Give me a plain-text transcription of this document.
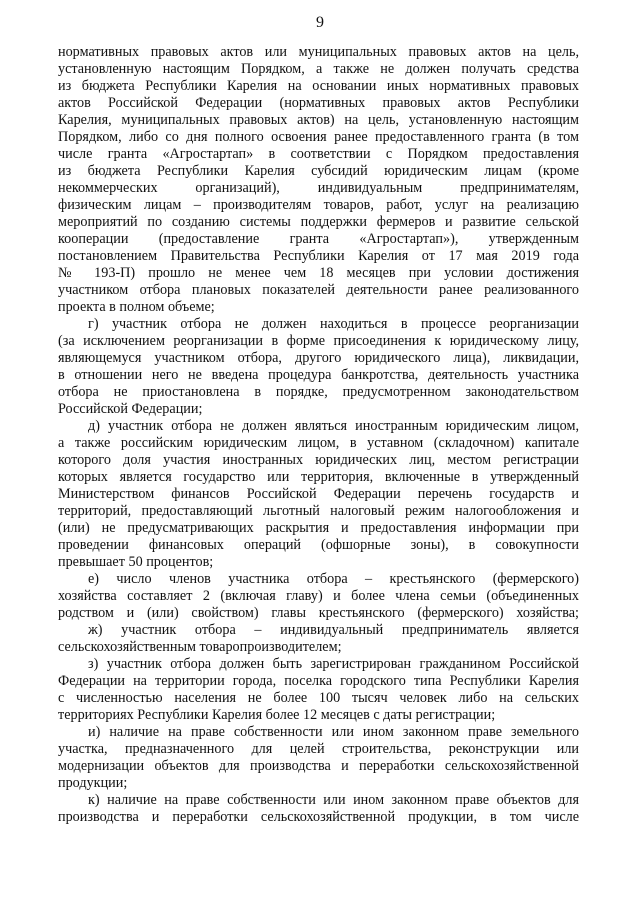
9
нормативных правовых актов или муниципальных правовых актов на цель,
установленную настоящим Порядком, а также не должен получать средства
из бюджета Республики Карелия на основании иных нормативных правовых
актов Российской Федерации (нормативных правовых актов Республики
Карелия, муниципальных правовых актов) на цель, установленную настоящим
Порядком, либо со дня полного освоения ранее предоставленного гранта (в том
числе гранта «Агростартап» в соответствии с Порядком предоставления
из бюджета Республики Карелия субсидий юридическим лицам (кроме
некоммерческих организаций), индивидуальным предпринимателям,
физическим лицам – производителям товаров, работ, услуг на реализацию
мероприятий по созданию системы поддержки фермеров и развитие сельской
кооперации (предоставление гранта «Агростартап»), утвержденным
постановлением Правительства Республики Карелия от 17 мая 2019 года
№ 193-П) прошло не менее чем 18 месяцев при условии достижения
участником отбора плановых показателей деятельности ранее реализованного
проекта в полном объеме;
г) участник отбора не должен находиться в процессе реорганизации
(за исключением реорганизации в форме присоединения к юридическому лицу,
являющемуся участником отбора, другого юридического лица), ликвидации,
в отношении него не введена процедура банкротства, деятельность участника
отбора не приостановлена в порядке, предусмотренном законодательством
Российской Федерации;
д) участник отбора не должен являться иностранным юридическим лицом,
а также российским юридическим лицом, в уставном (складочном) капитале
которого доля участия иностранных юридических лиц, местом регистрации
которых является государство или территория, включенные в утвержденный
Министерством финансов Российской Федерации перечень государств и
территорий, предоставляющий льготный налоговый режим налогообложения и
(или) не предусматривающих раскрытия и предоставления информации при
проведении финансовых операций (офшорные зоны), в совокупности
превышает 50 процентов;
е) число членов участника отбора – крестьянского (фермерского)
хозяйства составляет 2 (включая главу) и более члена семьи (объединенных
родством и (или) свойством) главы крестьянского (фермерского) хозяйства;
ж) участник отбора – индивидуальный предприниматель является
сельскохозяйственным товаропроизводителем;
з) участник отбора должен быть зарегистрирован гражданином Российской
Федерации на территории города, поселка городского типа Республики Карелия
с численностью населения не более 100 тысяч человек либо на сельских
территориях Республики Карелия более 12 месяцев с даты регистрации;
и) наличие на праве собственности или ином законном праве земельного
участка, предназначенного для целей строительства, реконструкции или
модернизации объектов для производства и переработки сельскохозяйственной
продукции;
к) наличие на праве собственности или ином законном праве объектов для
производства и переработки сельскохозяйственной продукции, в том числе
